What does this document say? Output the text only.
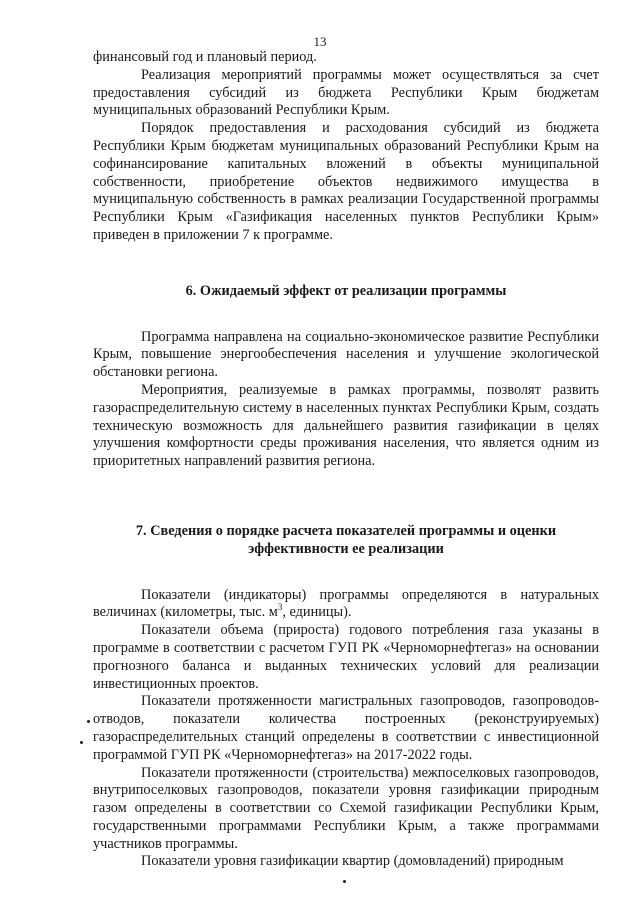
13

финансовый год и плановый период.

Реализация мероприятий программы может осуществляться за счет предоставления субсидий из бюджета Республики Крым бюджетам муниципальных образований Республики Крым.

Порядок предоставления и расходования субсидий из бюджета Республики Крым бюджетам муниципальных образований Республики Крым на софинансирование капитальных вложений в объекты муниципальной собственности, приобретение объектов недвижимого имущества в муниципальную собственность в рамках реализации Государственной программы Республики Крым «Газификация населенных пунктов Республики Крым» приведен в приложении 7 к программе.

6. Ожидаемый эффект от реализации программы

Программа направлена на социально-экономическое развитие Республики Крым, повышение энергообеспечения населения и улучшение экологической обстановки региона.

Мероприятия, реализуемые в рамках программы, позволят развить газораспределительную систему в населенных пунктах Республики Крым, создать техническую возможность для дальнейшего развития газификации в целях улучшения комфортности среды проживания населения, что является одним из приоритетных направлений развития региона.

7. Сведения о порядке расчета показателей программы и оценки
эффективности ее реализации

Показатели (индикаторы) программы определяются в натуральных величинах (километры, тыс. $м^3$, единицы).

Показатели объема (прироста) годового потребления газа указаны в программе в соответствии с расчетом ГУП РК «Черноморнефтегаз» на основании прогнозного баланса и выданных технических условий для реализации инвестиционных проектов.

Показатели протяженности магистральных газопроводов, газопроводов-отводов, показатели количества построенных (реконструируемых) газораспределительных станций определены в соответствии с инвестиционной программой ГУП РК «Черноморнефтегаз» на 2017-2022 годы.

Показатели протяженности (строительства) межпоселковых газопроводов, внутрипоселковых газопроводов, показатели уровня газификации природным газом определены в соответствии со Схемой газификации Республики Крым, государственными программами Республики Крым, а также программами участников программы.

Показатели уровня газификации квартир (домовладений) природным
